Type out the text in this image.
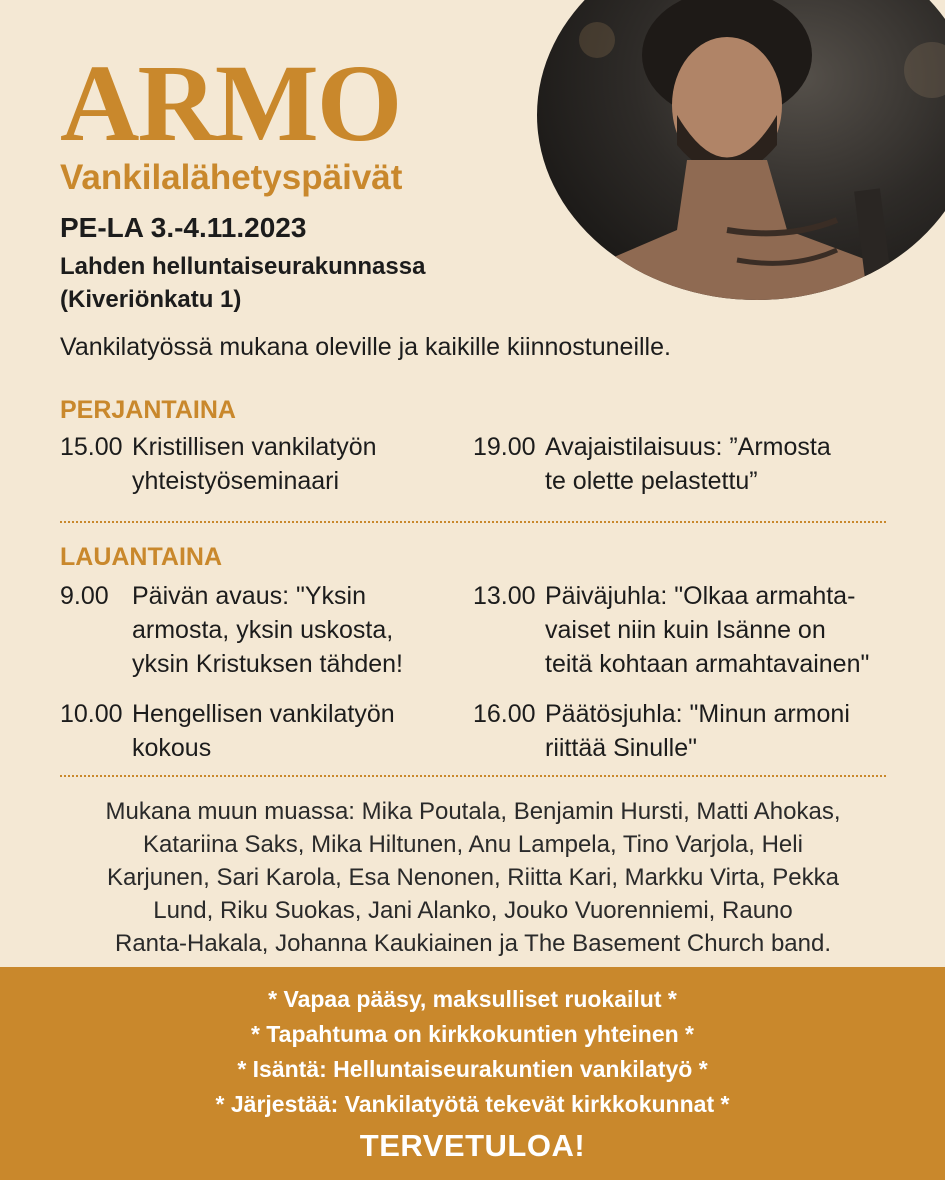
ARMO
Vankilalähetyspäivät

PE-LA 3.-4.11.2023

Lahden helluntaiseurakunnassa
(Kiveriönkatu 1)

Vankilatyössä mukana oleville ja kaikille kiinnostuneille.

PERJANTAINA
15.00 Kristillisen vankilatyön
yhteistyöseminaari
19.00 Avajaistilaisuus: ”Armosta
te olette pelastettu”
LAUANTAINA
9.00 Päivän avaus: "Yksin
armosta, yksin uskosta,
yksin Kristuksen tähden!
13.00 Päiväjuhla: "Olkaa armahta-
vaiset niin kuin Isänne on
teitä kohtaan armahtavainen"
10.00 Hengellisen vankilatyön
kokous
16.00 Päätösjuhla: "Minun armoni
riittää Sinulle"
Mukana muun muassa: Mika Poutala, Benjamin Hursti, Matti Ahokas,
Katariina Saks, Mika Hiltunen, Anu Lampela, Tino Varjola, Heli
Karjunen, Sari Karola, Esa Nenonen, Riitta Kari, Markku Virta, Pekka
Lund, Riku Suokas, Jani Alanko, Jouko Vuorenniemi, Rauno
Ranta-Hakala, Johanna Kaukiainen ja The Basement Church band.
* Vapaa pääsy, maksulliset ruokailut *
* Tapahtuma on kirkkokuntien yhteinen *
* Isäntä: Helluntaiseurakuntien vankilatyö *
* Järjestää: Vankilatyötä tekevät kirkkokunnat *
TERVETULOA!
